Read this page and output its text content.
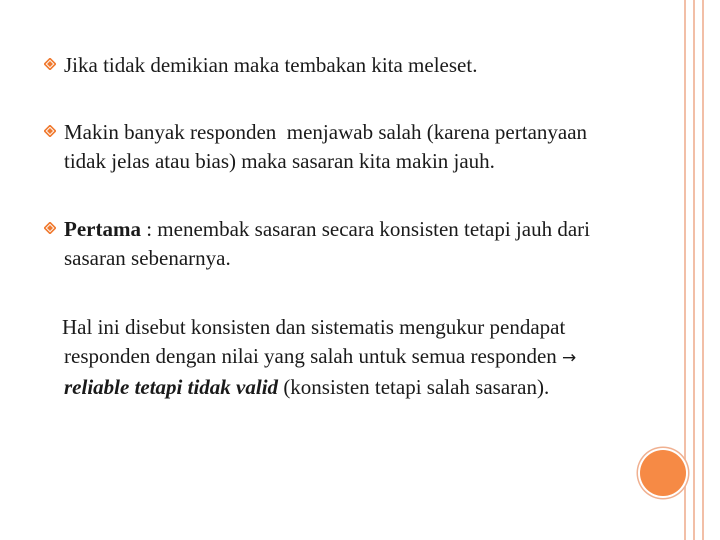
Jika tidak demikian maka tembakan kita meleset.

Makin banyak responden  menjawab salah (karena pertanyaan
tidak jelas atau bias) maka sasaran kita makin jauh.

Pertama : menembak sasaran secara konsisten tetapi jauh dari
sasaran sebenarnya.

Hal ini disebut konsisten dan sistematis mengukur pendapat
responden dengan nilai yang salah untuk semua responden →
reliable tetapi tidak valid (konsisten tetapi salah sasaran).
